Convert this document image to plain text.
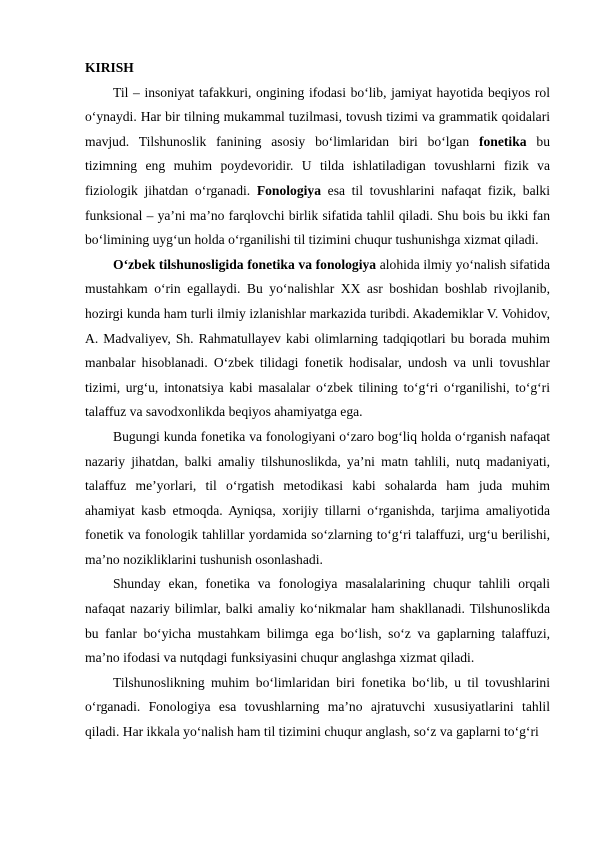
KIRISH

Til – insoniyat tafakkuri, ongining ifodasi bo‘lib, jamiyat hayotida beqiyos rol o‘ynaydi. Har bir tilning mukammal tuzilmasi, tovush tizimi va grammatik qoidalari mavjud. Tilshunoslik fanining asosiy bo‘limlaridan biri bo‘lgan fonetika bu tizimning eng muhim poydevoridir. U tilda ishlatiladigan tovushlarni fizik va fiziologik jihatdan o‘rganadi. Fonologiya esa til tovushlarini nafaqat fizik, balki funksional – ya’ni ma’no farqlovchi birlik sifatida tahlil qiladi. Shu bois bu ikki fan bo‘limining uyg‘un holda o‘rganilishi til tizimini chuqur tushunishga xizmat qiladi.

O‘zbek tilshunosligida fonetika va fonologiya alohida ilmiy yo‘nalish sifatida mustahkam o‘rin egallaydi. Bu yo‘nalishlar XX asr boshidan boshlab rivojlanib, hozirgi kunda ham turli ilmiy izlanishlar markazida turibdi. Akademiklar V. Vohidov, A. Madvaliyev, Sh. Rahmatullayev kabi olimlarning tadqiqotlari bu borada muhim manbalar hisoblanadi. O‘zbek tilidagi fonetik hodisalar, undosh va unli tovushlar tizimi, urg‘u, intonatsiya kabi masalalar o‘zbek tilining to‘g‘ri o‘rganilishi, to‘g‘ri talaffuz va savodxonlikda beqiyos ahamiyatga ega.

Bugungi kunda fonetika va fonologiyani o‘zaro bog‘liq holda o‘rganish nafaqat nazariy jihatdan, balki amaliy tilshunoslikda, ya’ni matn tahlili, nutq madaniyati, talaffuz me’yorlari, til o‘rgatish metodikasi kabi sohalarda ham juda muhim ahamiyat kasb etmoqda. Ayniqsa, xorijiy tillarni o‘rganishda, tarjima amaliyotida fonetik va fonologik tahlillar yordamida so‘zlarning to‘g‘ri talaffuzi, urg‘u berilishi, ma’no nozikliklarini tushunish osonlashadi.

Shunday ekan, fonetika va fonologiya masalalarining chuqur tahlili orqali nafaqat nazariy bilimlar, balki amaliy ko‘nikmalar ham shakllanadi. Tilshunoslikda bu fanlar bo‘yicha mustahkam bilimga ega bo‘lish, so‘z va gaplarning talaffuzi, ma’no ifodasi va nutqdagi funksiyasini chuqur anglashga xizmat qiladi.

Tilshunoslikning muhim bo‘limlaridan biri fonetika bo‘lib, u til tovushlarini o‘rganadi. Fonologiya esa tovushlarning ma’no ajratuvchi xususiyatlarini tahlil qiladi. Har ikkala yo‘nalish ham til tizimini chuqur anglash, so‘z va gaplarni to‘g‘ri
